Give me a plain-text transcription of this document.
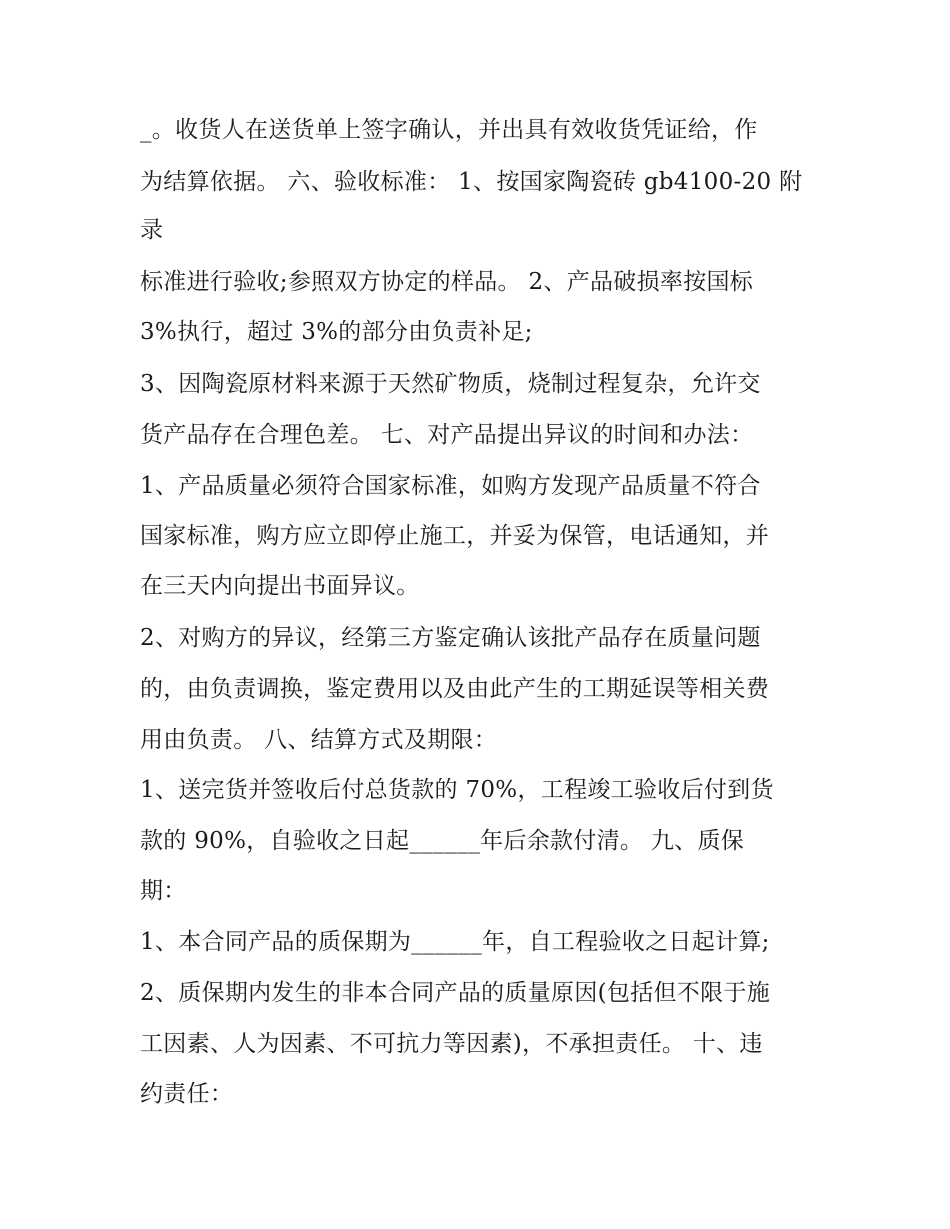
_。收货人在送货单上签字确认，并出具有效收货凭证给，作
为结算依据。 六、验收标准： 1、按国家陶瓷砖 gb4100-20 附
录
标准进行验收;参照双方协定的样品。 2、产品破损率按国标
3%执行，超过 3%的部分由负责补足;
3、因陶瓷原材料来源于天然矿物质，烧制过程复杂，允许交
货产品存在合理色差。 七、对产品提出异议的时间和办法：
1、产品质量必须符合国家标准，如购方发现产品质量不符合
国家标准，购方应立即停止施工，并妥为保管，电话通知，并
在三天内向提出书面异议。
2、对购方的异议，经第三方鉴定确认该批产品存在质量问题
的，由负责调换，鉴定费用以及由此产生的工期延误等相关费
用由负责。 八、结算方式及期限：
1、送完货并签收后付总货款的 70%，工程竣工验收后付到货
款的 90%，自验收之日起______年后余款付清。 九、质保
期：
1、本合同产品的质保期为______年，自工程验收之日起计算;
2、质保期内发生的非本合同产品的质量原因(包括但不限于施
工因素、人为因素、不可抗力等因素)，不承担责任。 十、违
约责任：
